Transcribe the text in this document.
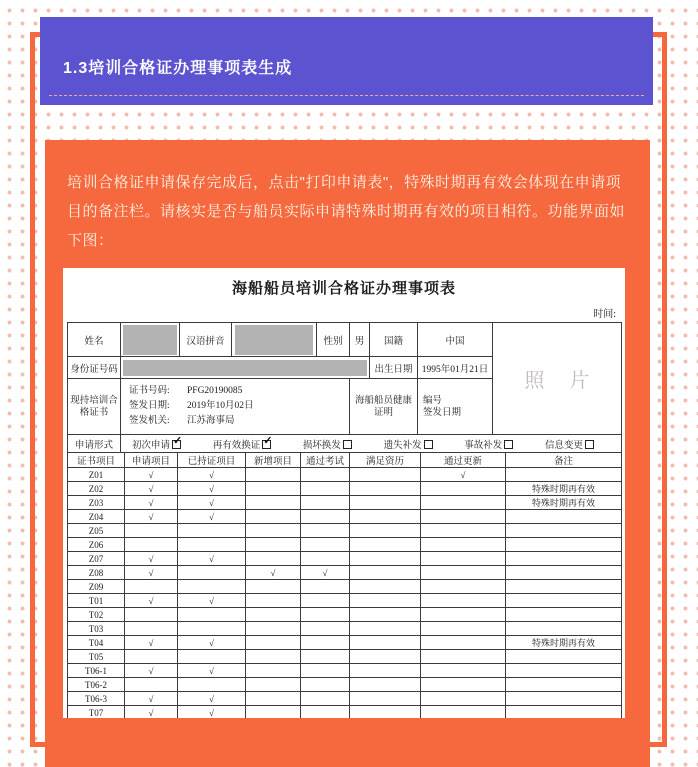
1.3培训合格证办理事项表生成

培训合格证申请保存完成后，点击"打印申请表"，特殊时期再有效会体现在申请项目的备注栏。请核实是否与船员实际申请特殊时期再有效的项目相符。功能界面如下图：

海船船员培训合格证办理事项表
时间:
姓名		汉语拼音		性别	男	国籍	中国	照 片
身份证号码						出生日期	1995年01月21日	
现持培训合格证书	证书号码: PFG20190085
签发日期: 2019年10月02日
签发机关: 江苏海事局				海船船员健康证明		编号
签发日期	
申请形式	初次申请 ✓	再有效换证 ✓	损坏换发	遗失补发	事故补发	信息变更
证书项目	申请项目	已持证项目	新增项目	通过考试	满足资历	通过更新	备注
Z01	√	√				√	
Z02	√	√					特殊时期再有效
Z03	√	√					特殊时期再有效
Z04	√	√					
Z05							
Z06							
Z07	√	√					
Z08	√		√	√			
Z09							
T01	√	√					
T02							
T03							
T04	√	√					特殊时期再有效
T05							
T06-1	√	√					
T06-2							
T06-3	√	√					
T07	√	√					
